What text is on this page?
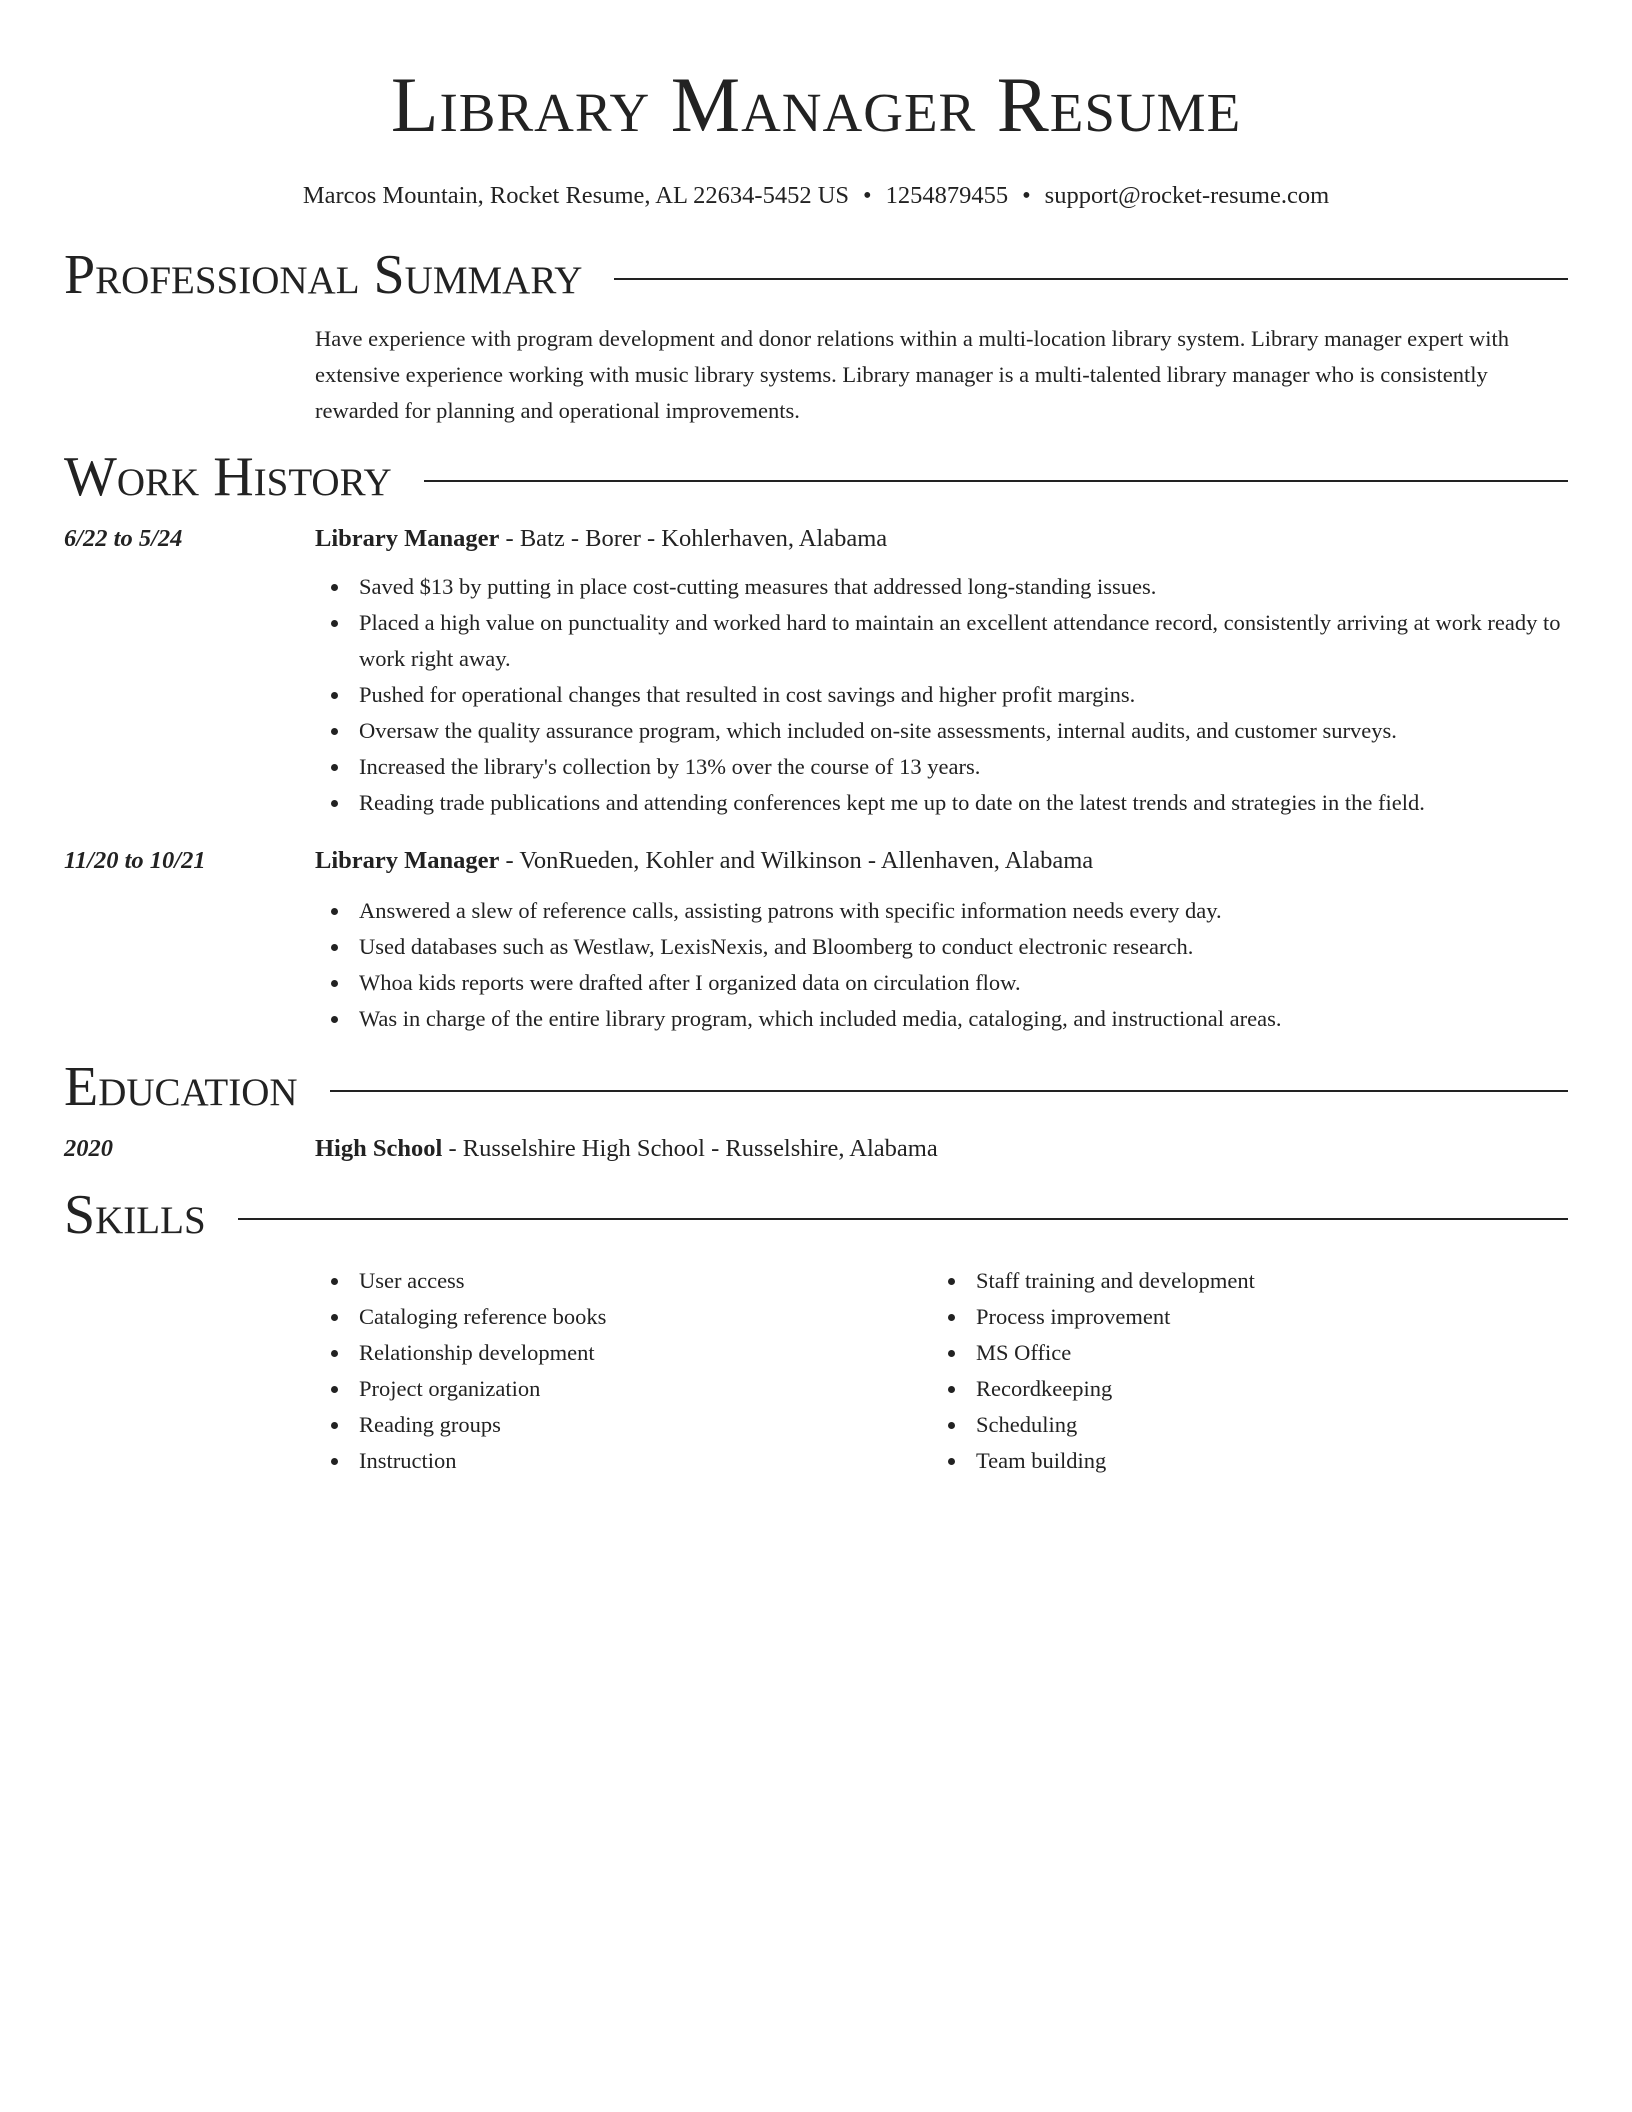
Library Manager Resume
Marcos Mountain, Rocket Resume, AL 22634-5452 US • 1254879455 • support@rocket-resume.com
Professional Summary
Have experience with program development and donor relations within a multi-location library system. Library manager expert with extensive experience working with music library systems. Library manager is a multi-talented library manager who is consistently rewarded for planning and operational improvements.
Work History
6/22 to 5/24	Library Manager - Batz - Borer - Kohlerhaven, Alabama
Saved $13 by putting in place cost-cutting measures that addressed long-standing issues.
Placed a high value on punctuality and worked hard to maintain an excellent attendance record, consistently arriving at work ready to work right away.
Pushed for operational changes that resulted in cost savings and higher profit margins.
Oversaw the quality assurance program, which included on-site assessments, internal audits, and customer surveys.
Increased the library's collection by 13% over the course of 13 years.
Reading trade publications and attending conferences kept me up to date on the latest trends and strategies in the field.
11/20 to 10/21	Library Manager - VonRueden, Kohler and Wilkinson - Allenhaven, Alabama
Answered a slew of reference calls, assisting patrons with specific information needs every day.
Used databases such as Westlaw, LexisNexis, and Bloomberg to conduct electronic research.
Whoa kids reports were drafted after I organized data on circulation flow.
Was in charge of the entire library program, which included media, cataloging, and instructional areas.
Education
2020	High School - Russelshire High School - Russelshire, Alabama
Skills
User access
Cataloging reference books
Relationship development
Project organization
Reading groups
Instruction
Staff training and development
Process improvement
MS Office
Recordkeeping
Scheduling
Team building
